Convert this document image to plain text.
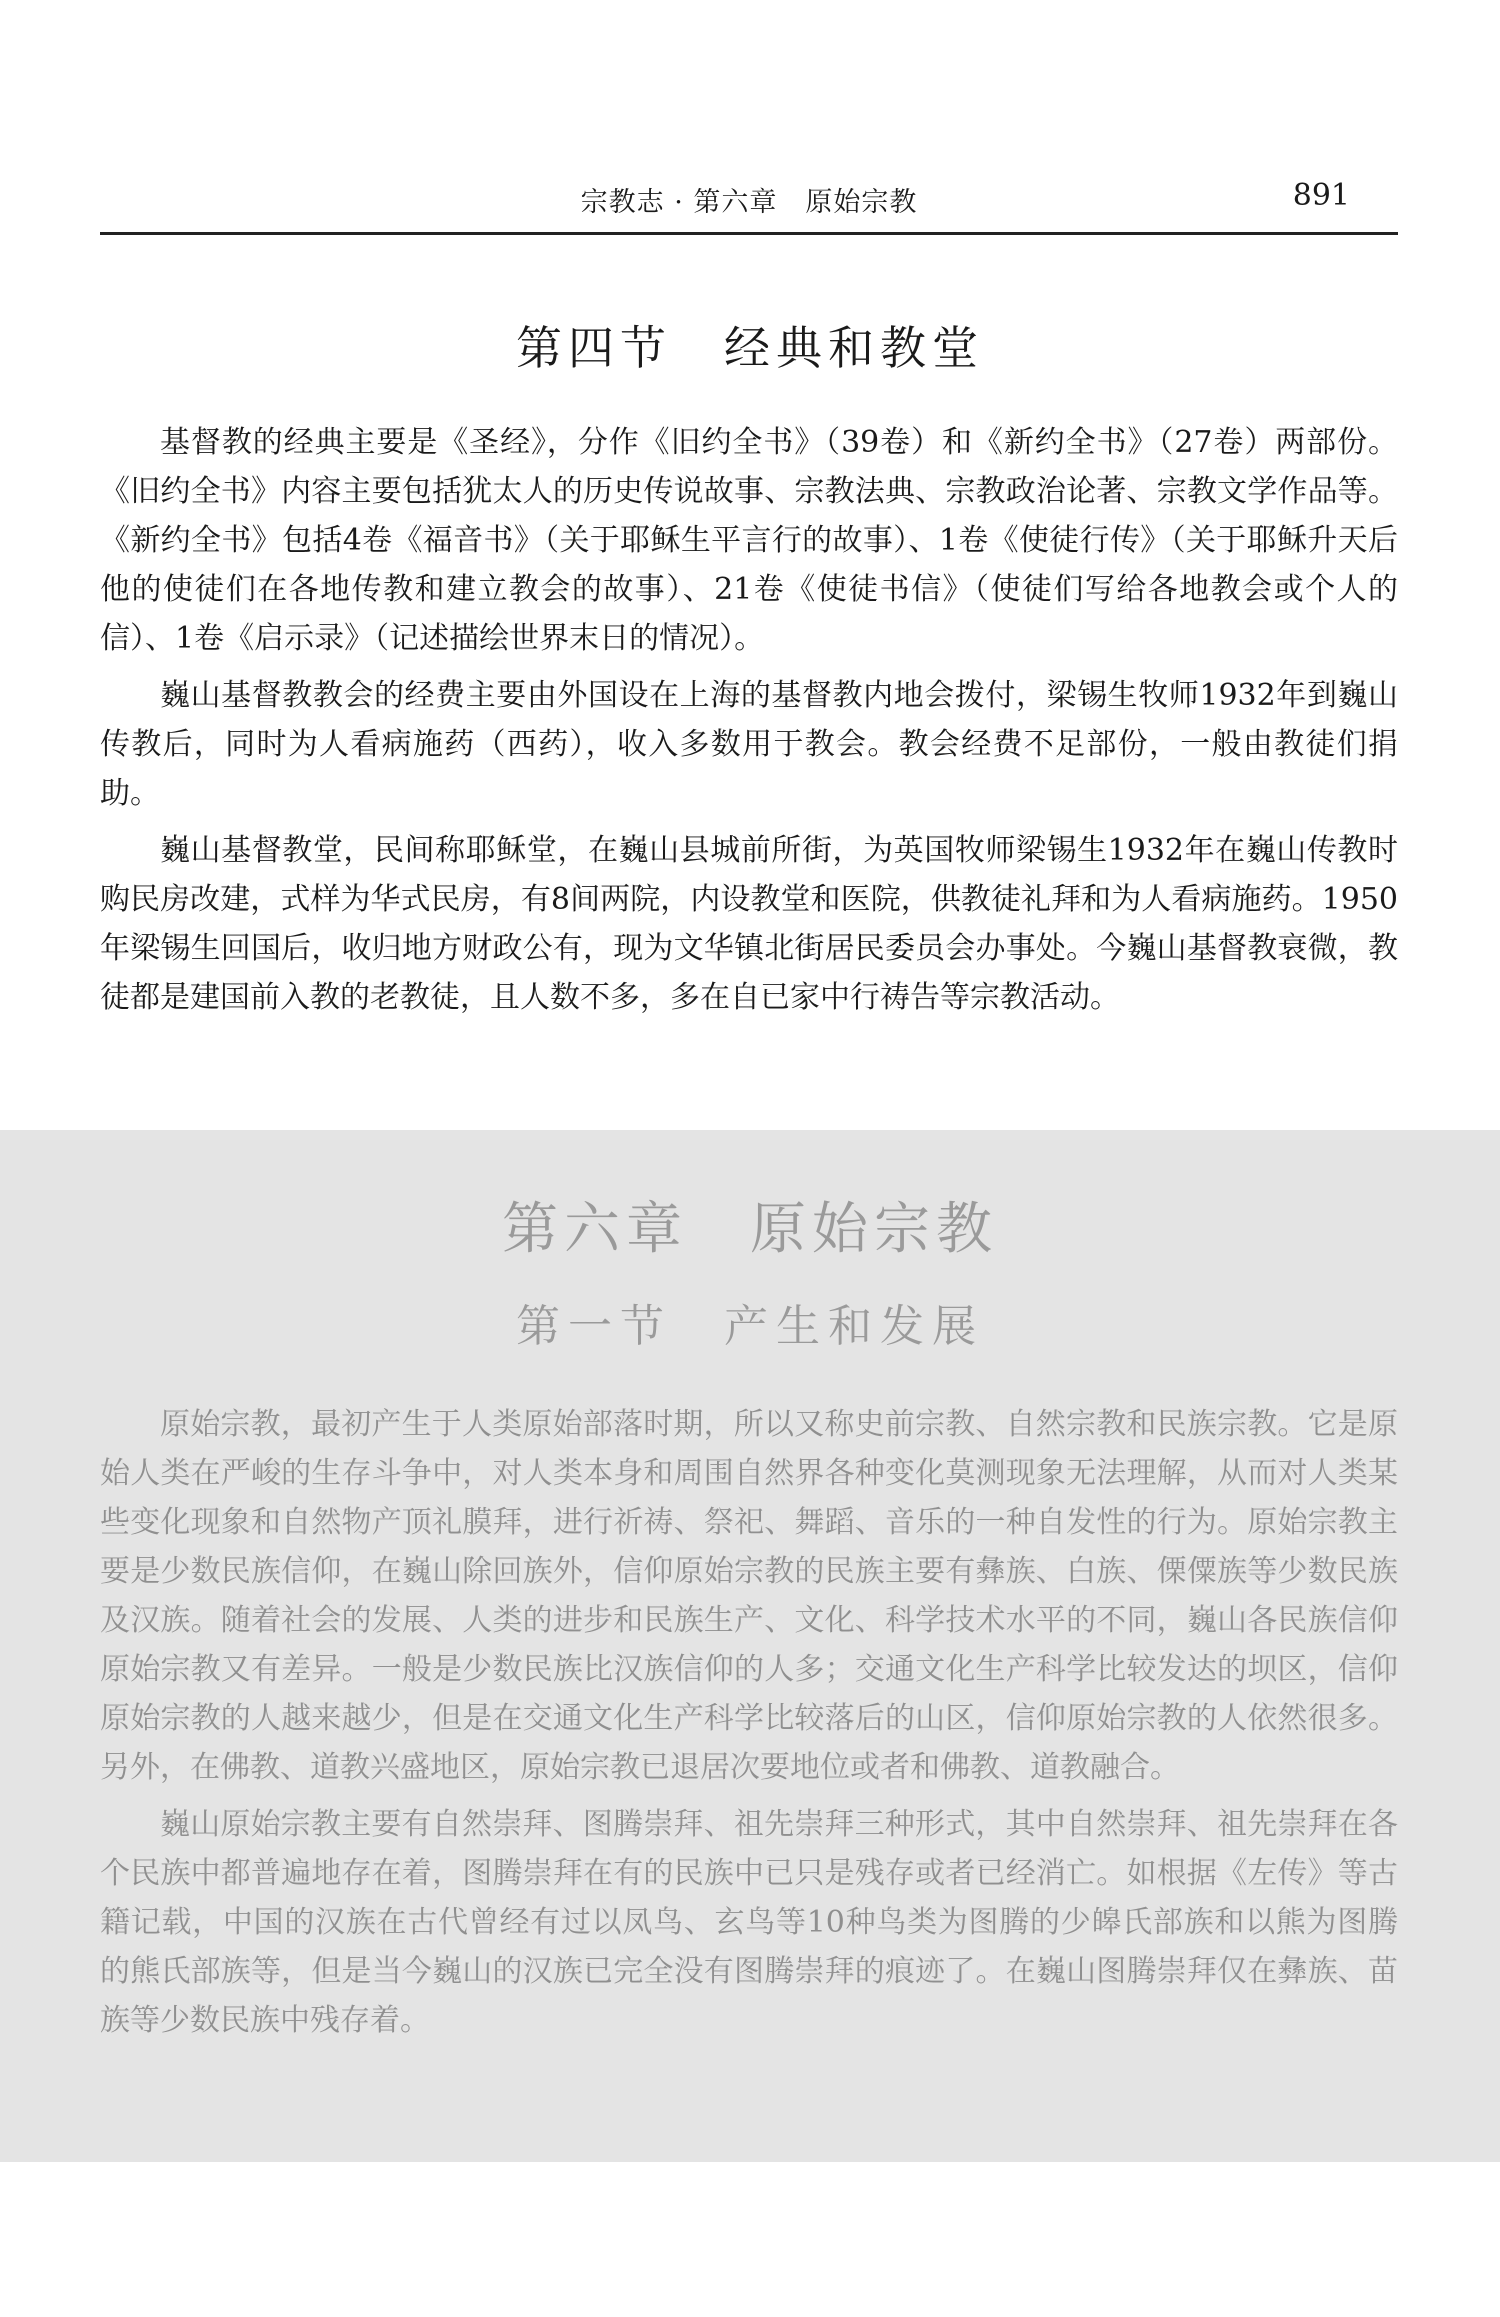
宗教志 · 第六章　原始宗教	891
第四节　经典和教堂

基督教的经典主要是《圣经》，分作《旧约全书》（39卷）和《新约全书》（27卷）两部份。《旧约全书》内容主要包括犹太人的历史传说故事、宗教法典、宗教政治论著、宗教文学作品等。《新约全书》包括4卷《福音书》（关于耶稣生平言行的故事）、1卷《使徒行传》（关于耶稣升天后他的使徒们在各地传教和建立教会的故事）、21卷《使徒书信》（使徒们写给各地教会或个人的信）、1卷《启示录》（记述描绘世界末日的情况）。

巍山基督教教会的经费主要由外国设在上海的基督教内地会拨付，梁锡生牧师1932年到巍山传教后，同时为人看病施药（西药），收入多数用于教会。教会经费不足部份，一般由教徒们捐助。

巍山基督教堂，民间称耶稣堂，在巍山县城前所街，为英国牧师梁锡生1932年在巍山传教时购民房改建，式样为华式民房，有8间两院，内设教堂和医院，供教徒礼拜和为人看病施药。1950年梁锡生回国后，收归地方财政公有，现为文华镇北街居民委员会办事处。今巍山基督教衰微，教徒都是建国前入教的老教徒，且人数不多，多在自已家中行祷告等宗教活动。

第六章　原始宗教
第一节　产生和发展

原始宗教，最初产生于人类原始部落时期，所以又称史前宗教、自然宗教和民族宗教。它是原始人类在严峻的生存斗争中，对人类本身和周围自然界各种变化莫测现象无法理解，从而对人类某些变化现象和自然物产顶礼膜拜，进行祈祷、祭祀、舞蹈、音乐的一种自发性的行为。原始宗教主要是少数民族信仰，在巍山除回族外，信仰原始宗教的民族主要有彝族、白族、傈僳族等少数民族及汉族。随着社会的发展、人类的进步和民族生产、文化、科学技术水平的不同，巍山各民族信仰原始宗教又有差异。一般是少数民族比汉族信仰的人多；交通文化生产科学比较发达的坝区，信仰原始宗教的人越来越少，但是在交通文化生产科学比较落后的山区，信仰原始宗教的人依然很多。另外，在佛教、道教兴盛地区，原始宗教已退居次要地位或者和佛教、道教融合。

巍山原始宗教主要有自然崇拜、图腾崇拜、祖先崇拜三种形式，其中自然崇拜、祖先崇拜在各个民族中都普遍地存在着，图腾崇拜在有的民族中已只是残存或者已经消亡。如根据《左传》等古籍记载，中国的汉族在古代曾经有过以凤鸟、玄鸟等10种鸟类为图腾的少皞氏部族和以熊为图腾的熊氏部族等，但是当今巍山的汉族已完全没有图腾崇拜的痕迹了。在巍山图腾崇拜仅在彝族、苗族等少数民族中残存着。
